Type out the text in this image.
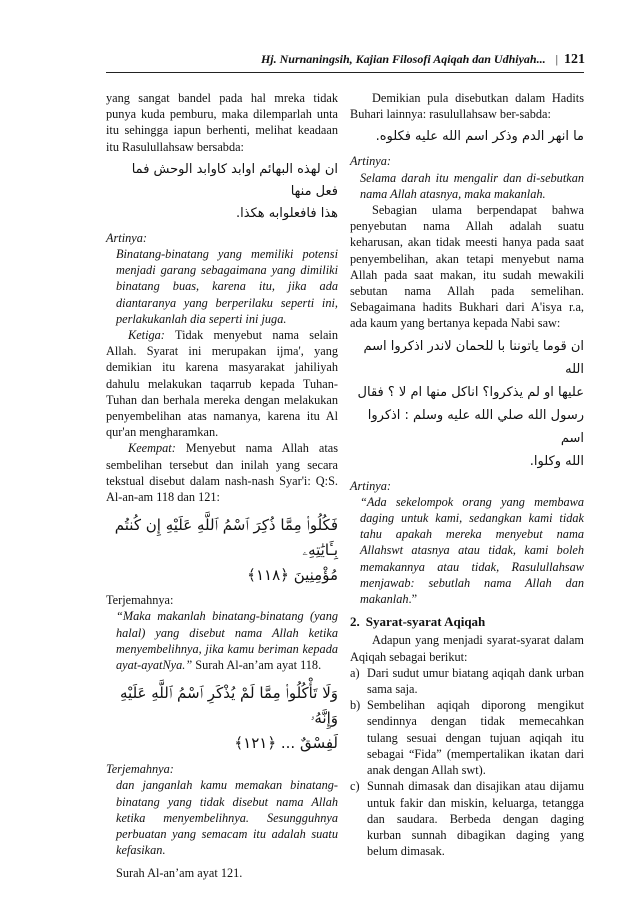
Hj. Nurnaningsih, Kajian Filosofi Aqiqah dan Udhiyah... | 121

yang sangat bandel pada hal mreka tidak punya kuda pemburu, maka dilemparlah unta itu sehingga iapun berhenti, melihat keadaan itu Rasulullahsaw bersabda:

ان لهذه البهائم اوابد كاوابد الوحش فما فعل منها
هذا فافعلوابه هكذا.
Artinya:

Binatang-binatang yang memiliki potensi menjadi garang sebagaimana yang dimiliki binatang buas, karena itu, jika ada diantaranya yang berperilaku seperti ini, perlakukanlah dia seperti ini juga.

Ketiga: Tidak menyebut nama selain Allah. Syarat ini merupakan ijma', yang demikian itu karena masyarakat jahiliyah dahulu melakukan taqarrub kepada Tuhan-Tuhan dan berhala mereka dengan melakukan penyembelihan atas namanya, karena itu Al qur'an mengharamkan.

Keempat: Menyebut nama Allah atas sembelihan tersebut dan inilah yang secara tekstual disebut dalam nash-nash Syar'i: Q:S. Al-an-am 118 dan 121:

فَكُلُوا۟ مِمَّا ذُكِرَ ٱسْمُ ٱللَّهِ عَلَيْهِ إِن كُنتُم بِـَٔايَٰتِهِۦ
مُؤْمِنِينَ ﴿١١٨﴾
Terjemahnya:

“Maka makanlah binatang-binatang (yang halal) yang disebut nama Allah ketika menyembelihnya, jika kamu beriman kepada ayat-ayatNya.” Surah Al-an’am ayat 118.

وَلَا تَأْكُلُوا۟ مِمَّا لَمْ يُذْكَرِ ٱسْمُ ٱللَّهِ عَلَيْهِ وَإِنَّهُۥ
لَفِسْقٌ ... ﴿١٢١﴾
Terjemahnya:

dan janganlah kamu memakan binatang-binatang yang tidak disebut nama Allah ketika menyembelihnya. Sesungguhnya perbuatan yang semacam itu adalah suatu kefasikan.

Surah Al-an’am ayat 121.

Demikian pula disebutkan dalam Hadits Buhari lainnya: rasulullahsaw ber-sabda:

ما انهر الدم وذكر اسم الله عليه فكلوه.
Artinya:

Selama darah itu mengalir dan di-sebutkan nama Allah atasnya, maka makanlah.

Sebagian ulama berpendapat bahwa penyebutan nama Allah adalah suatu keharusan, akan tidak meesti hanya pada saat penyembelihan, akan tetapi menyebut nama Allah pada saat makan, itu sudah mewakili sebutan nama Allah pada semelihan. Sebagaimana hadits Bukhari dari A'isya r.a, ada kaum yang bertanya kepada Nabi saw:

ان قوما ياتوننا با للحمان لاندر اذكروا اسم الله
عليها او لم يذكروا؟ اناكل منها ام لا ؟ فقال
رسول الله صلي الله عليه وسلم : اذكروا اسم
الله وكلوا.
Artinya:

“Ada sekelompok orang yang membawa daging untuk kami, sedangkan kami tidak tahu apakah mereka menyebut nama Allahswt atasnya atau tidak, kami boleh memakannya atau tidak, Rasulullahsaw menjawab: sebutlah nama Allah dan makanlah.”

2. Syarat-syarat Aqiqah

Adapun yang menjadi syarat-syarat dalam Aqiqah sebagai berikut:

a) Dari sudut umur biatang aqiqah dank urban sama saja.
b) Sembelihan aqiqah diporong mengikut sendinnya dengan tidak memecahkan tulang sesuai dengan tujuan aqiqah itu sebagai “Fida” (mempertalikan ikatan dari anak dengan Allah swt).
c) Sunnah dimasak dan disajikan atau dijamu untuk fakir dan miskin, keluarga, tetangga dan saudara. Berbeda dengan daging kurban sunnah dibagikan daging yang belum dimasak.
